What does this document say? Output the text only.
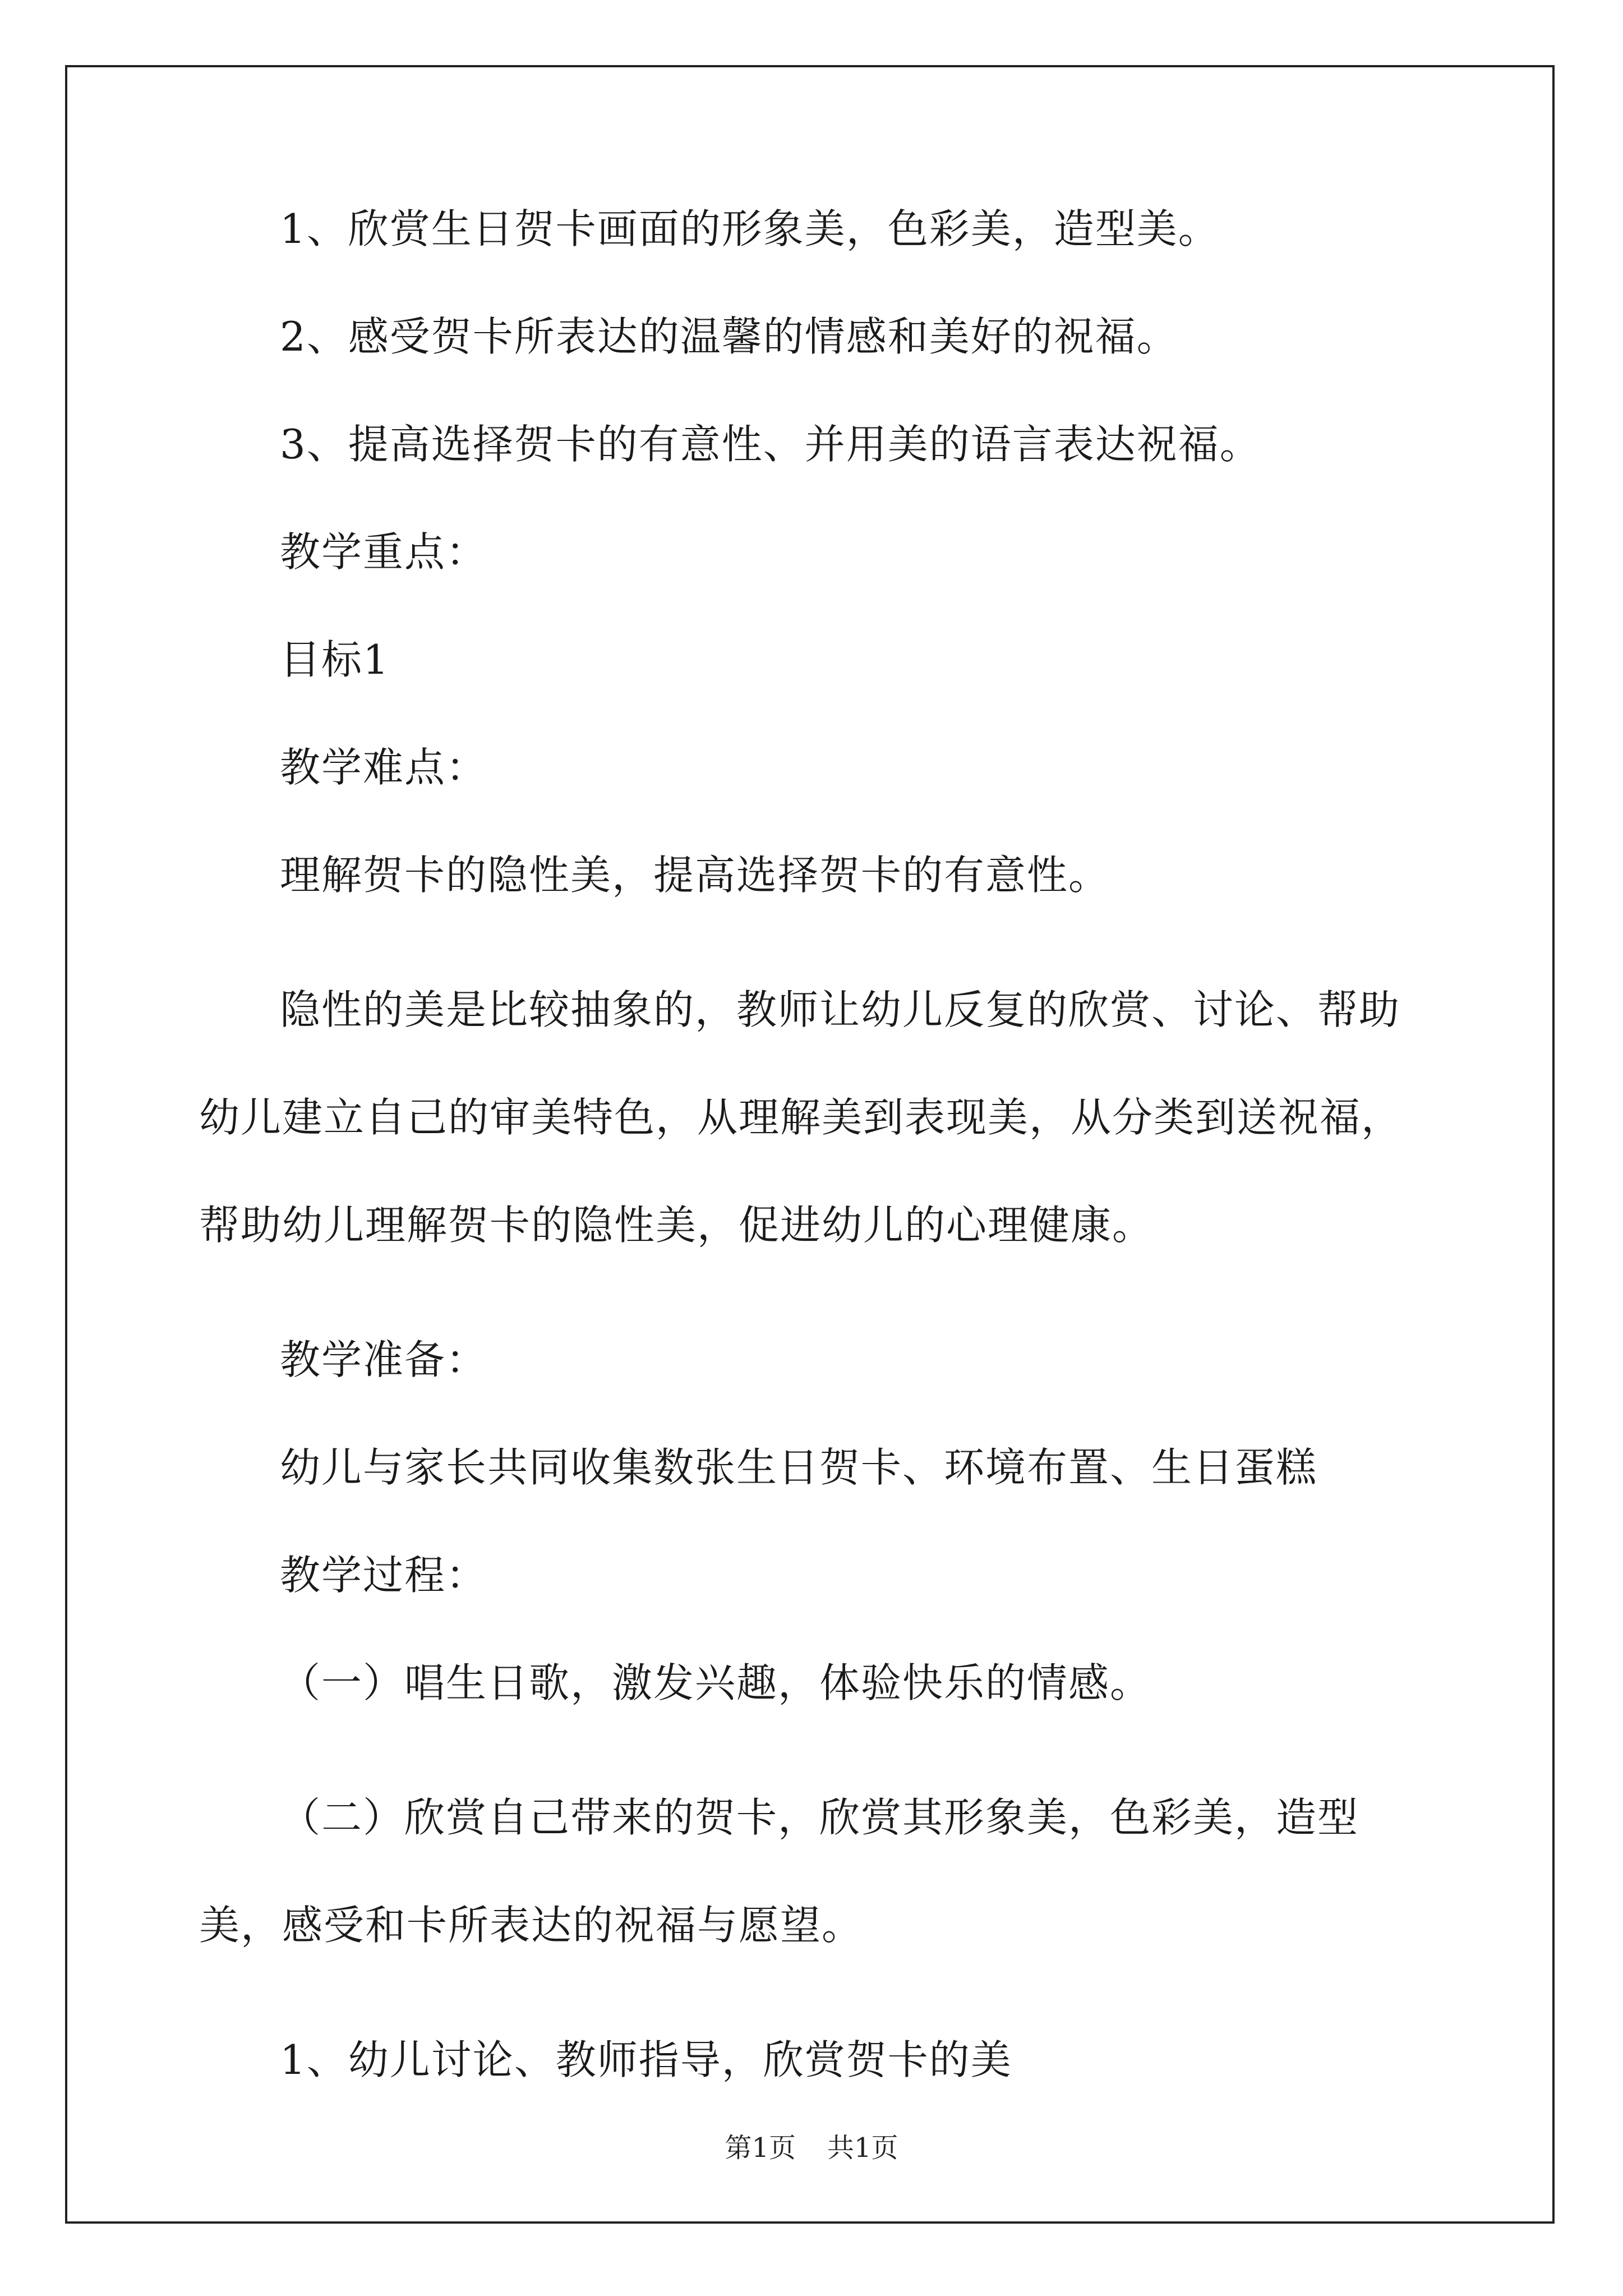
1、欣赏生日贺卡画面的形象美，色彩美，造型美。

2、感受贺卡所表达的温馨的情感和美好的祝福。

3、提高选择贺卡的有意性、并用美的语言表达祝福。

教学重点：

目标1

教学难点：

理解贺卡的隐性美，提高选择贺卡的有意性。

隐性的美是比较抽象的，教师让幼儿反复的欣赏、讨论、帮助幼儿建立自己的审美特色，从理解美到表现美，从分类到送祝福，帮助幼儿理解贺卡的隐性美，促进幼儿的心理健康。

教学准备：

幼儿与家长共同收集数张生日贺卡、环境布置、生日蛋糕

教学过程：

（一）唱生日歌，激发兴趣，体验快乐的情感。

（二）欣赏自己带来的贺卡，欣赏其形象美，色彩美，造型美，感受和卡所表达的祝福与愿望。

1、幼儿讨论、教师指导，欣赏贺卡的美

第1页 共1页
